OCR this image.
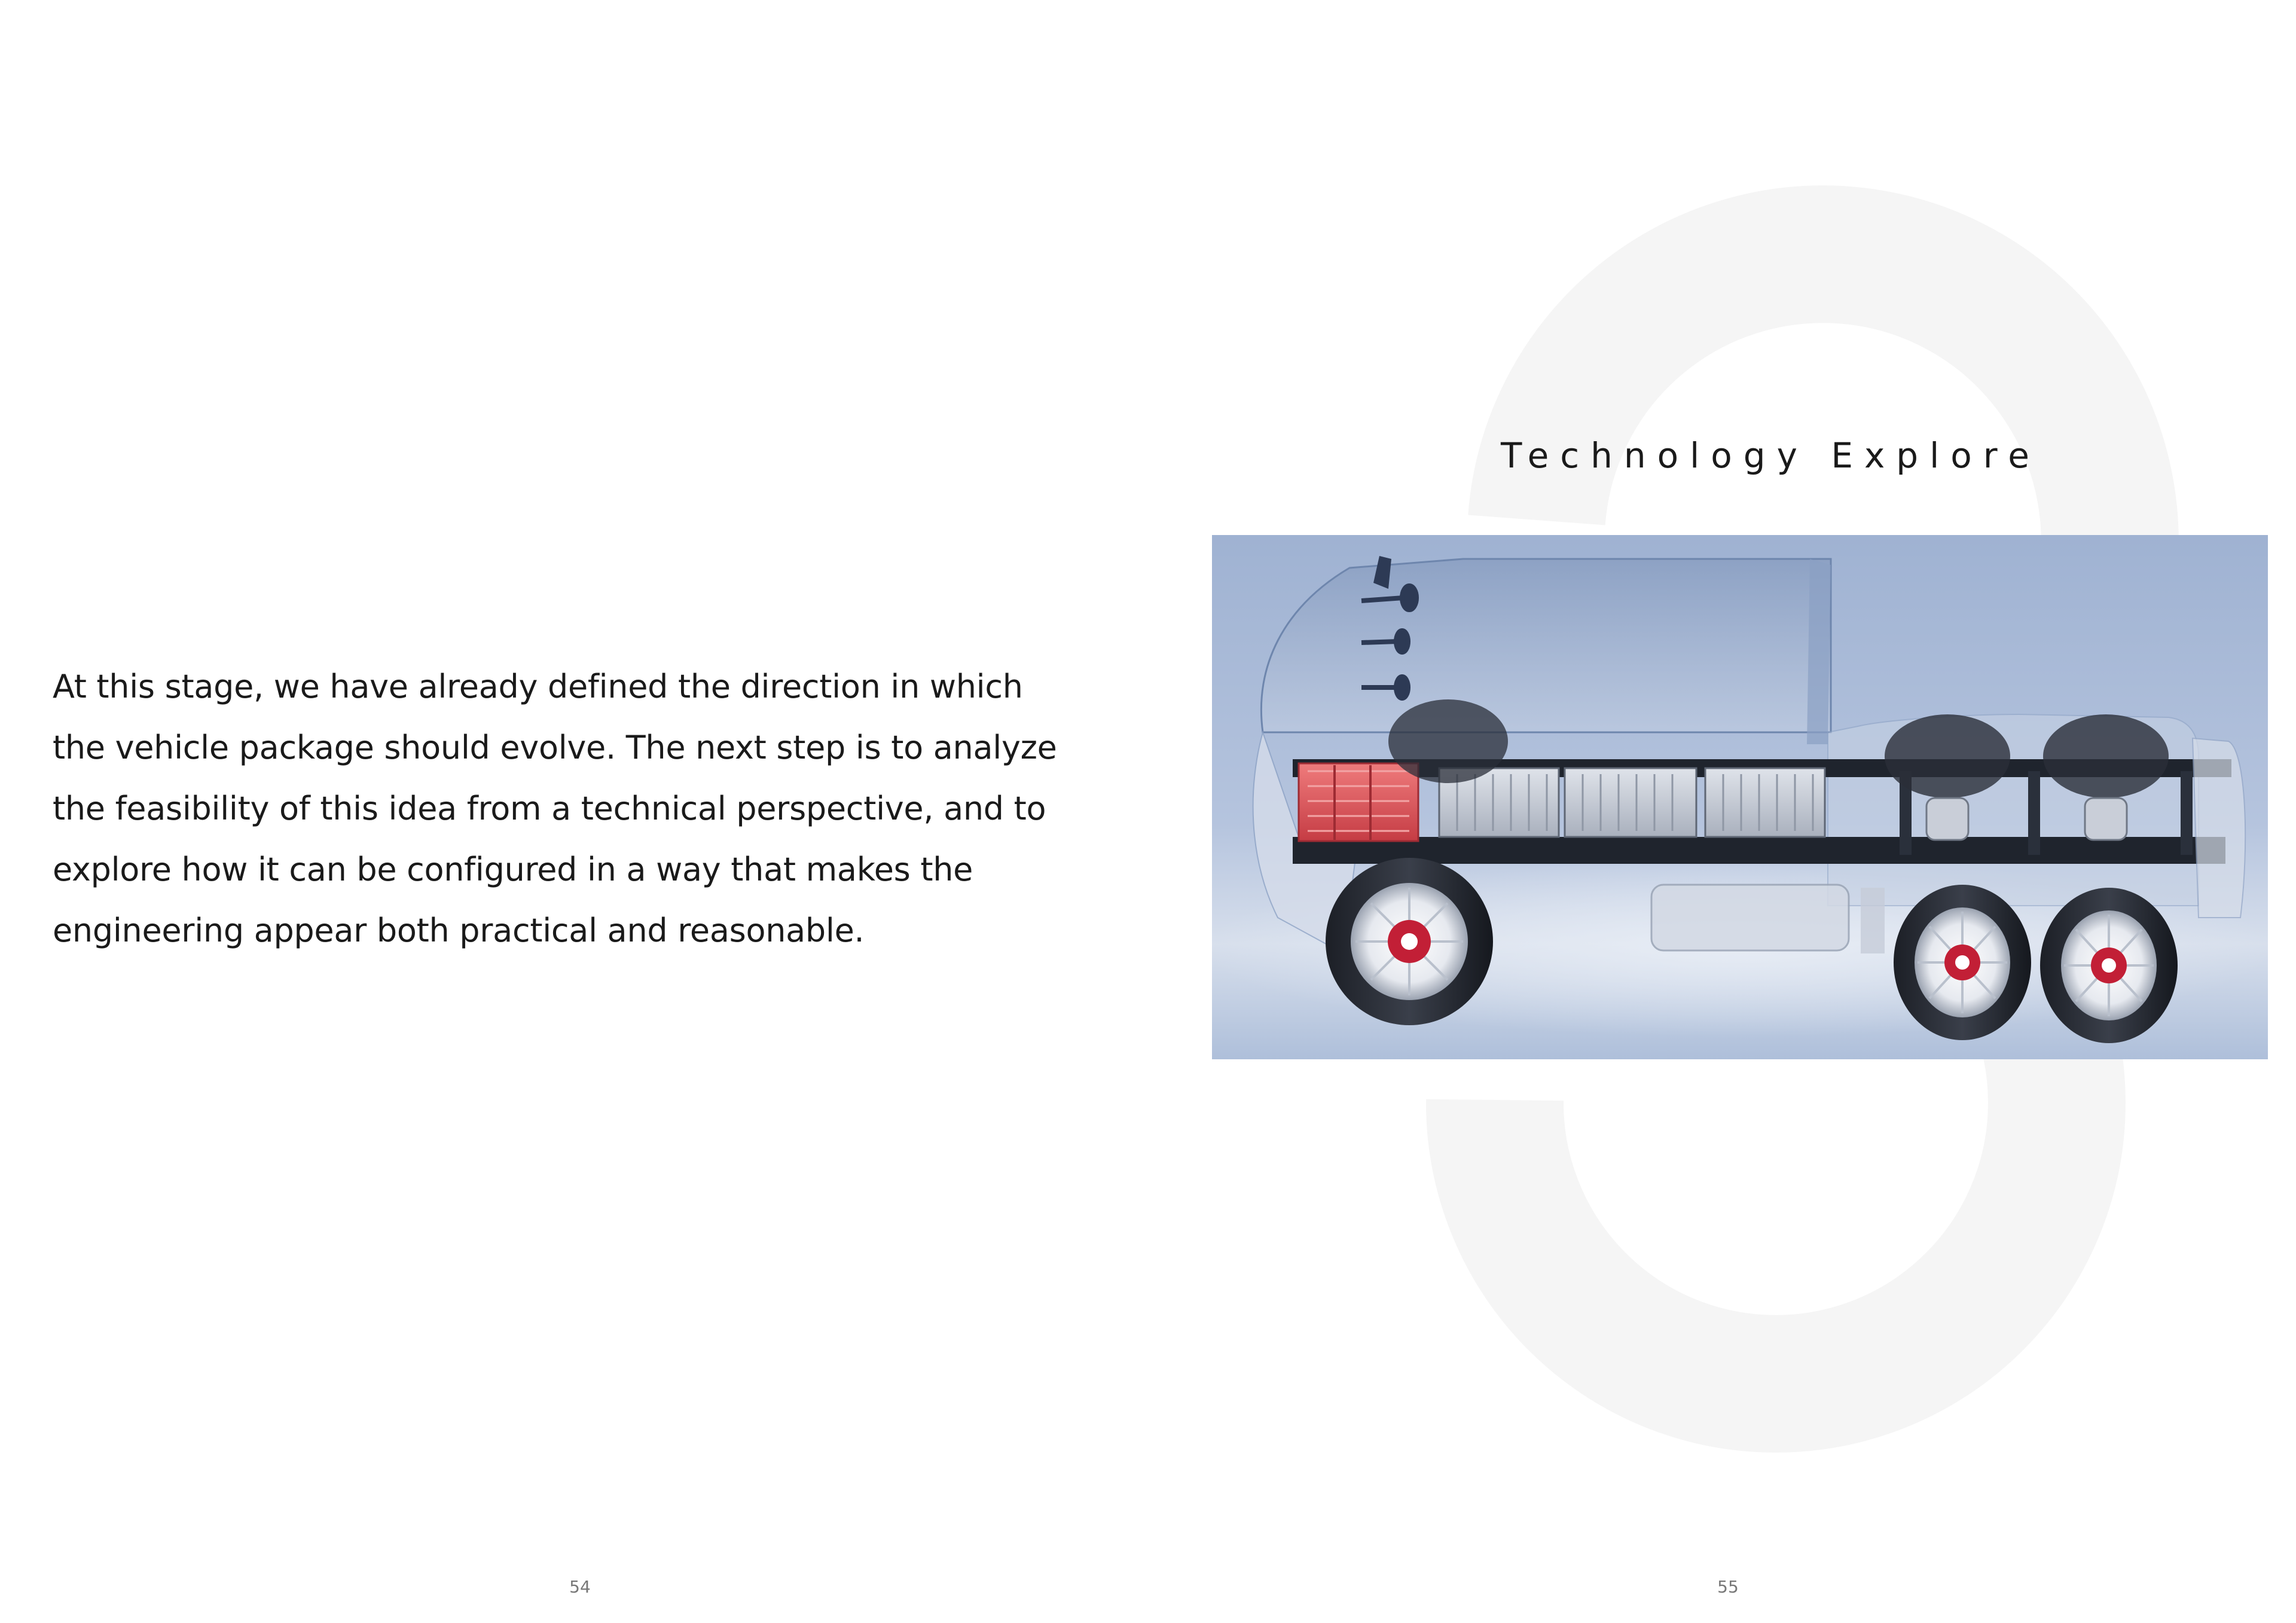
Technology Explore

At this stage, we have already defined the direction in which

the vehicle package should evolve. The next step is to analyze

the feasibility of this idea from a technical perspective, and to

explore how it can be configured in a way that makes the

engineering appear both practical and reasonable.

54	55
